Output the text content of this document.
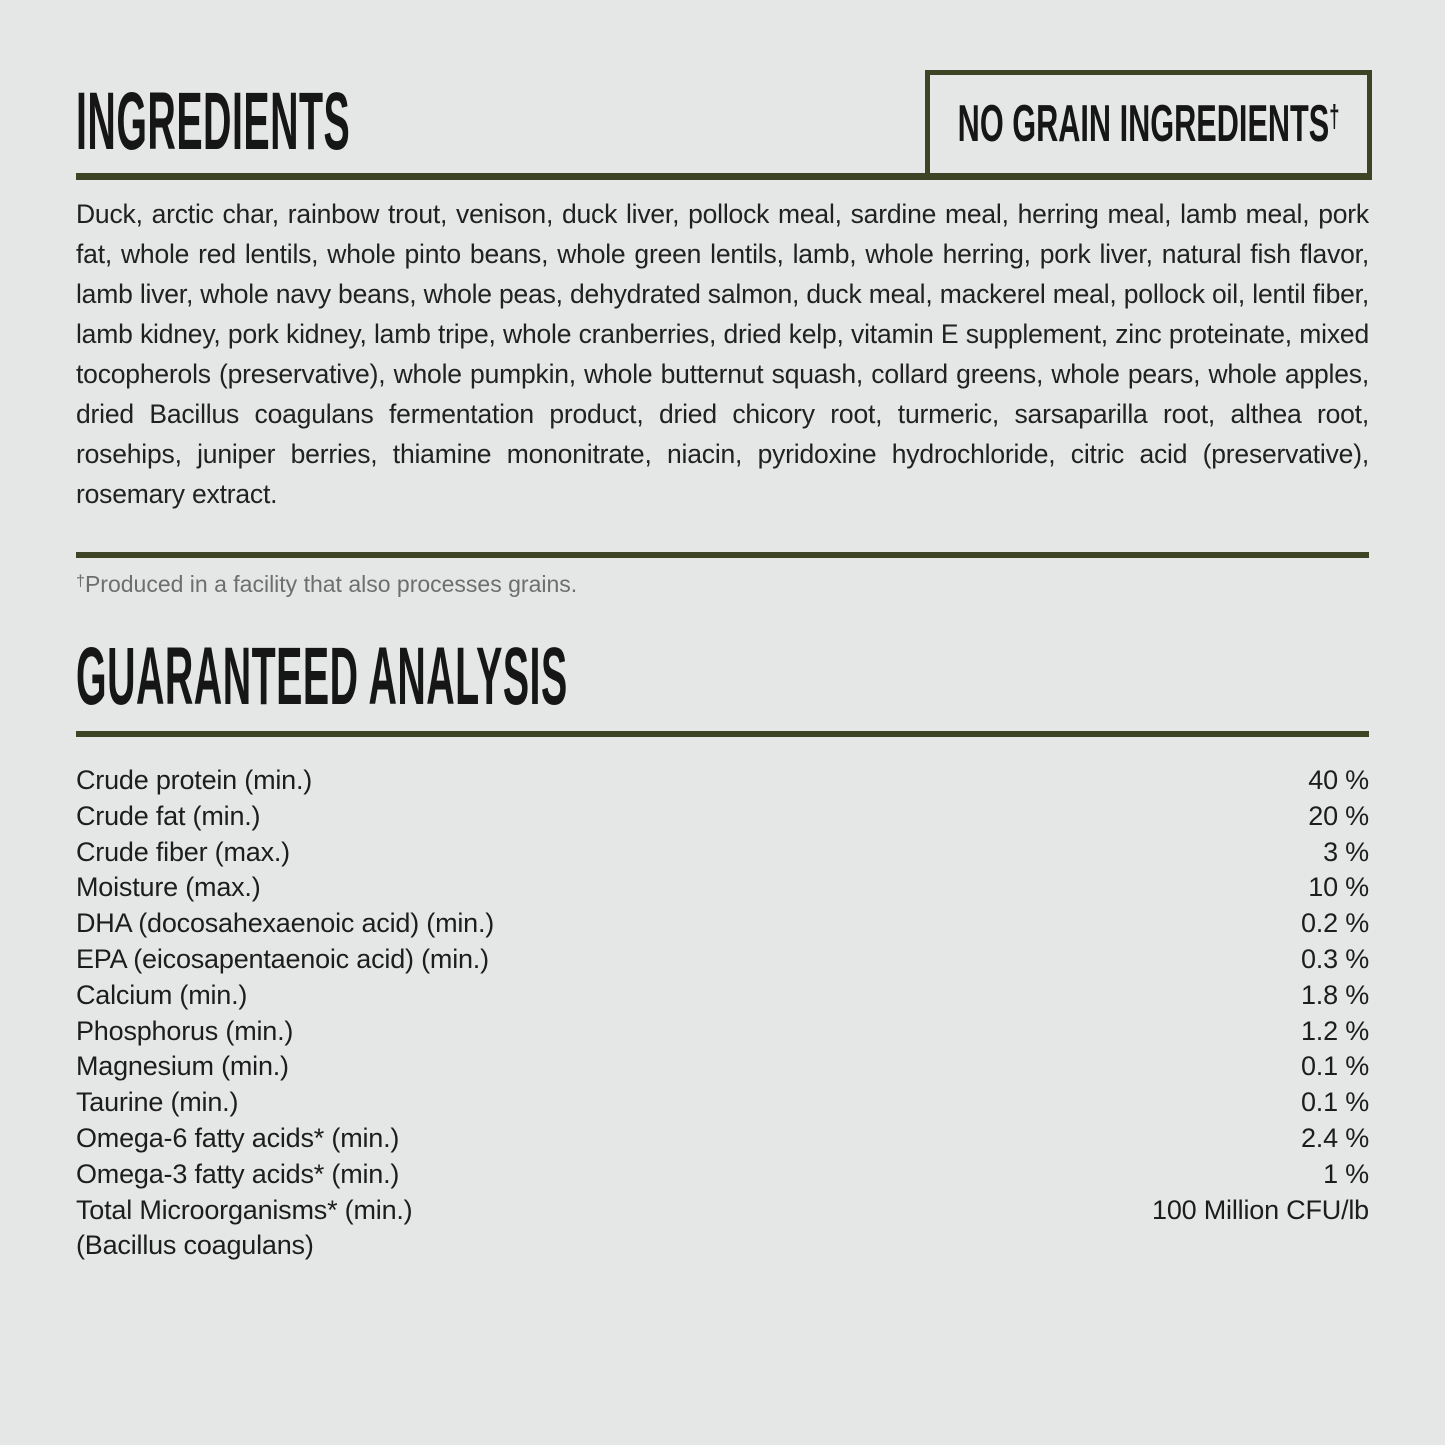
INGREDIENTS	NO GRAIN INGREDIENTS†
Duck, arctic char, rainbow trout, venison, duck liver, pollock meal, sardine meal, herring meal, lamb meal, pork fat, whole red lentils, whole pinto beans, whole green lentils, lamb, whole herring, pork liver, natural fish flavor, lamb liver, whole navy beans, whole peas, dehydrated salmon, duck meal, mackerel meal, pollock oil, lentil fiber, lamb kidney, pork kidney, lamb tripe, whole cranberries, dried kelp, vitamin E supplement, zinc proteinate, mixed tocopherols (preservative), whole pumpkin, whole butternut squash, collard greens, whole pears, whole apples, dried Bacillus coagulans fermentation product, dried chicory root, turmeric, sarsaparilla root, althea root, rosehips, juniper berries, thiamine mononitrate, niacin, pyridoxine hydrochloride, citric acid (preservative), rosemary extract.
†Produced in a facility that also processes grains.
GUARANTEED ANALYSIS
Crude protein (min.)	40 %
Crude fat (min.)	20 %
Crude fiber (max.)	3 %
Moisture (max.)	10 %
DHA (docosahexaenoic acid) (min.)	0.2 %
EPA (eicosapentaenoic acid) (min.)	0.3 %
Calcium (min.)	1.8 %
Phosphorus (min.)	1.2 %
Magnesium (min.)	0.1 %
Taurine (min.)	0.1 %
Omega-6 fatty acids* (min.)	2.4 %
Omega-3 fatty acids* (min.)	1 %
Total Microorganisms* (min.)	100 Million CFU/lb
(Bacillus coagulans)
